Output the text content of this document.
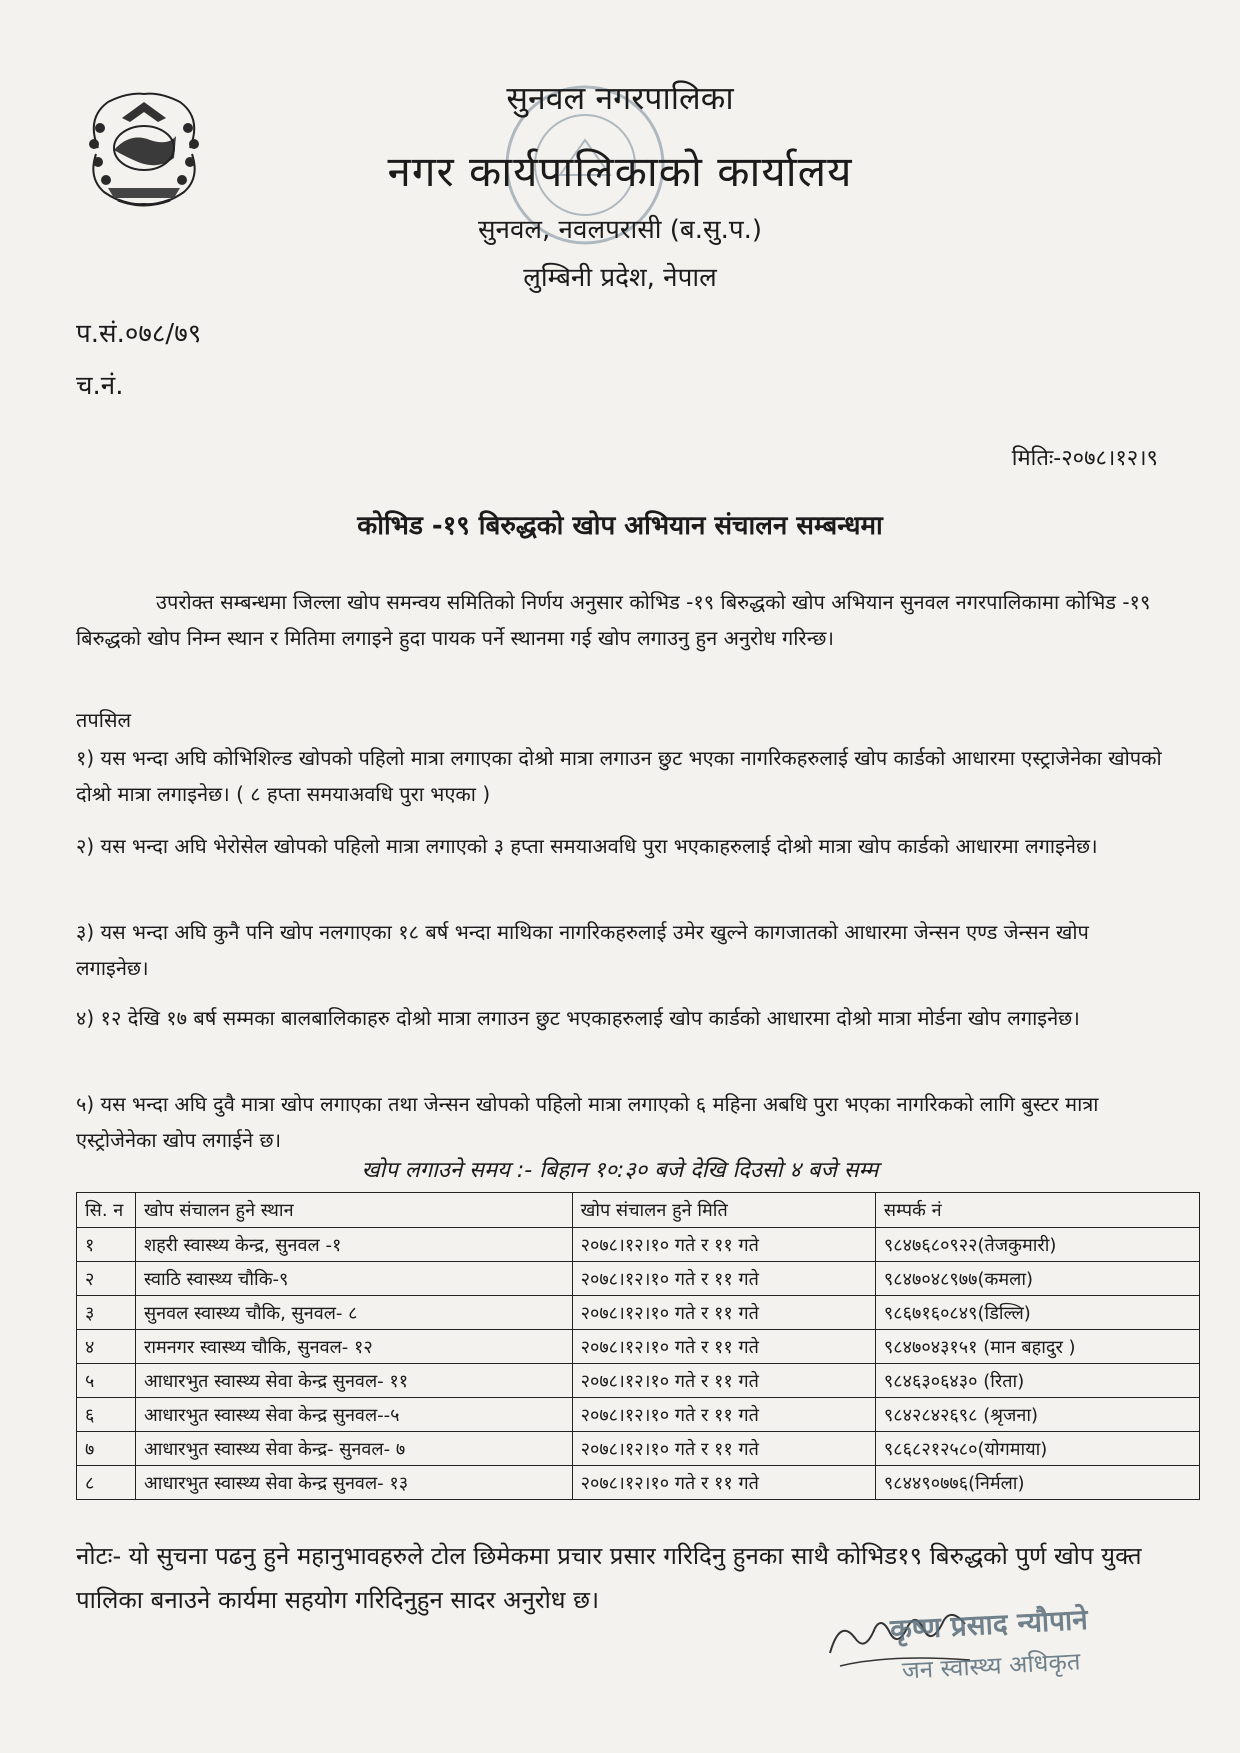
सुनवल नगरपालिका
नगर कार्यपालिकाको कार्यालय
सुनवल, नवलपरासी (ब.सु.प.)
लुम्बिनी प्रदेश, नेपाल
प.सं.०७८/७९
च.नं.
मितिः-२०७८।१२।९
कोभिड -१९ बिरुद्धको खोप अभियान संचालन सम्बन्धमा
उपरोक्त सम्बन्धमा जिल्ला खोप समन्वय समितिको निर्णय अनुसार कोभिड -१९ बिरुद्धको खोप अभियान सुनवल नगरपालिकामा कोभिड -१९ बिरुद्धको खोप निम्न स्थान र मितिमा लगाइने हुदा पायक पर्ने स्थानमा गई खोप लगाउनु हुन अनुरोध गरिन्छ।
तपसिल
१) यस भन्दा अघि कोभिशिल्ड खोपको पहिलो मात्रा लगाएका दोश्रो मात्रा लगाउन छुट भएका नागरिकहरुलाई खोप कार्डको आधारमा एस्ट्राजेनेका खोपको दोश्रो मात्रा लगाइनेछ। ( ८ हप्ता समयाअवधि पुरा भएका )
२) यस भन्दा अघि भेरोसेल खोपको पहिलो मात्रा लगाएको ३ हप्ता समयाअवधि पुरा भएकाहरुलाई दोश्रो मात्रा खोप कार्डको आधारमा लगाइनेछ।
३) यस भन्दा अघि कुनै पनि खोप नलगाएका १८ बर्ष भन्दा माथिका नागरिकहरुलाई उमेर खुल्ने कागजातको आधारमा जेन्सन एण्ड जेन्सन खोप लगाइनेछ।
४) १२ देखि १७ बर्ष सम्मका बालबालिकाहरु दोश्रो मात्रा लगाउन छुट भएकाहरुलाई खोप कार्डको आधारमा दोश्रो मात्रा मोर्डना खोप लगाइनेछ।
५) यस भन्दा अघि दुवै मात्रा खोप लगाएका तथा जेन्सन खोपको पहिलो मात्रा लगाएको ६ महिना अबधि पुरा भएका नागरिकको लागि बुस्टर मात्रा एस्ट्रोजेनेका खोप लगाईने छ।
खोप लगाउने समय :- बिहान १०:३० बजे देखि दिउसो ४ बजे सम्म
सि. न	खोप संचालन हुने स्थान	खोप संचालन हुने मिति	सम्पर्क नं
१	शहरी स्वास्थ्य केन्द्र, सुनवल -१	२०७८।१२।१० गते र ११ गते	९८४७६८०९२२(तेजकुमारी)
२	स्वाठि स्वास्थ्य चौकि-९	२०७८।१२।१० गते र ११ गते	९८४७०४८९७७(कमला)
३	सुनवल स्वास्थ्य चौकि, सुनवल- ८	२०७८।१२।१० गते र ११ गते	९८६७१६०८४९(डिल्लि)
४	रामनगर स्वास्थ्य चौकि, सुनवल- १२	२०७८।१२।१० गते र ११ गते	९८४७०४३१५१ (मान बहादुर )
५	आधारभुत स्वास्थ्य सेवा केन्द्र सुनवल- ११	२०७८।१२।१० गते र ११ गते	९८४६३०६४३० (रिता)
६	आधारभुत स्वास्थ्य सेवा केन्द्र सुनवल--५	२०७८।१२।१० गते र ११ गते	९८४२८४२६९८ (श्रृजना)
७	आधारभुत स्वास्थ्य सेवा केन्द्र- सुनवल- ७	२०७८।१२।१० गते र ११ गते	९८६८२१२५८०(योगमाया)
८	आधारभुत स्वास्थ्य सेवा केन्द्र सुनवल- १३	२०७८।१२।१० गते र ११ गते	९८४४९०७७६(निर्मला)
नोटः- यो सुचना पढनु हुने महानुभावहरुले टोल छिमेकमा प्रचार प्रसार गरिदिनु हुनका साथै कोभिड१९ बिरुद्धको पुर्ण खोप युक्त पालिका बनाउने कार्यमा सहयोग गरिदिनुहुन सादर अनुरोध छ।
कृष्ण प्रसाद न्यौपाने
जन स्वास्थ्य अधिकृत
